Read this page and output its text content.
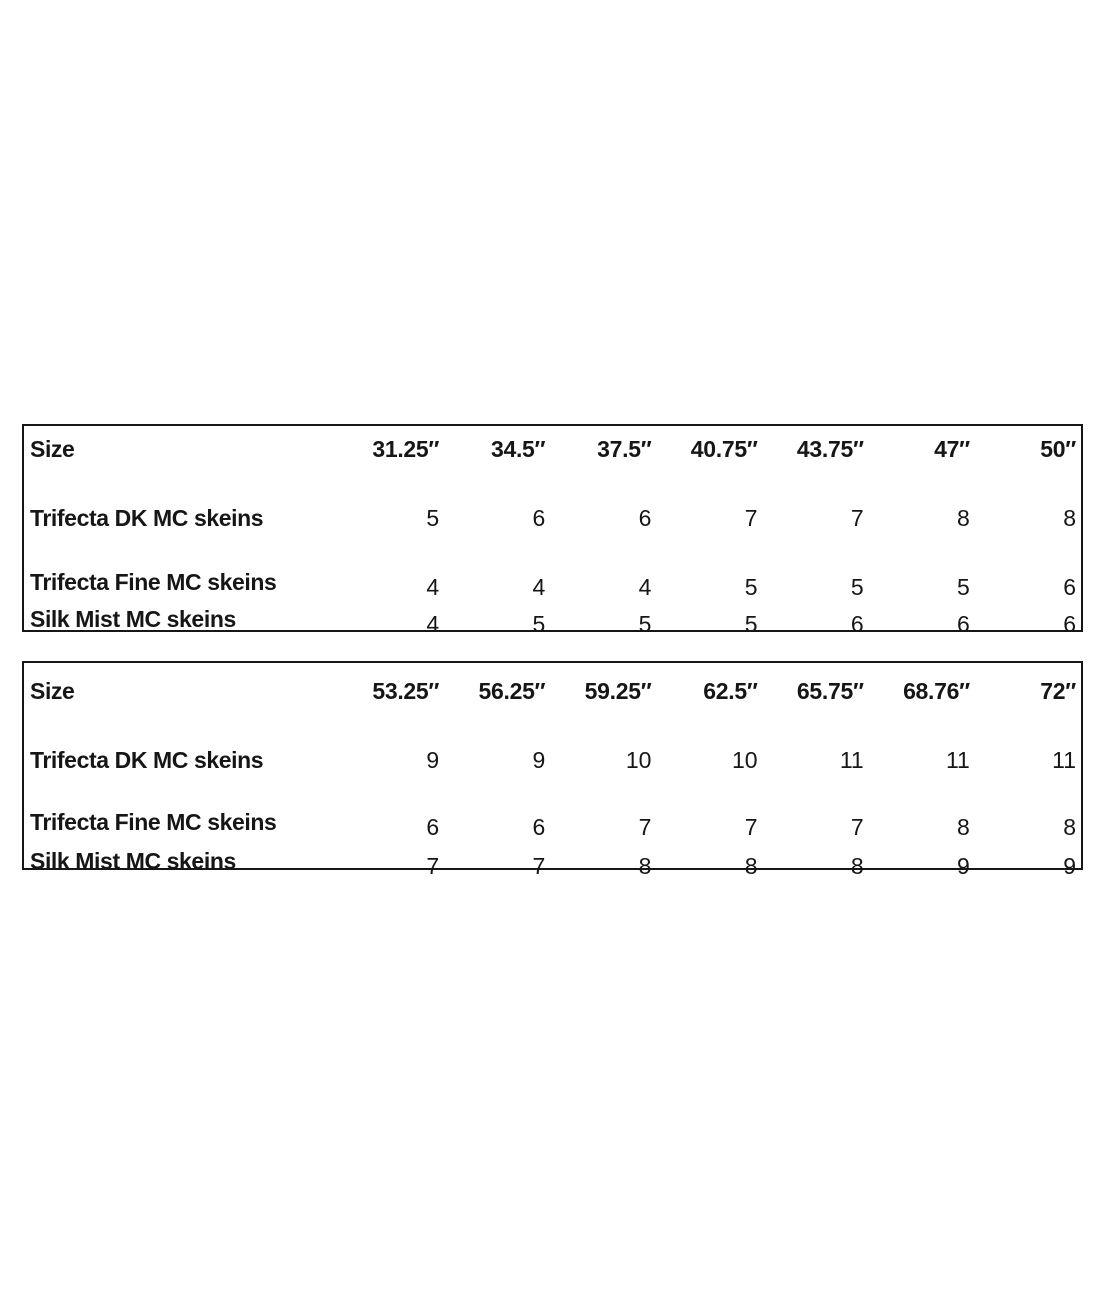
Size	31.25″	34.5″	37.5″	40.75″	43.75″	47″	50″
Trifecta DK MC skeins	5	6	6	7	7	8	8
Trifecta Fine MC skeins	4	4	4	5	5	5	6
Silk Mist MC skeins	4	5	5	5	6	6	6
Size	53.25″	56.25″	59.25″	62.5″	65.75″	68.76″	72″
Trifecta DK MC skeins	9	9	10	10	11	11	11
Trifecta Fine MC skeins	6	6	7	7	7	8	8
Silk Mist MC skeins	7	7	8	8	8	9	9
